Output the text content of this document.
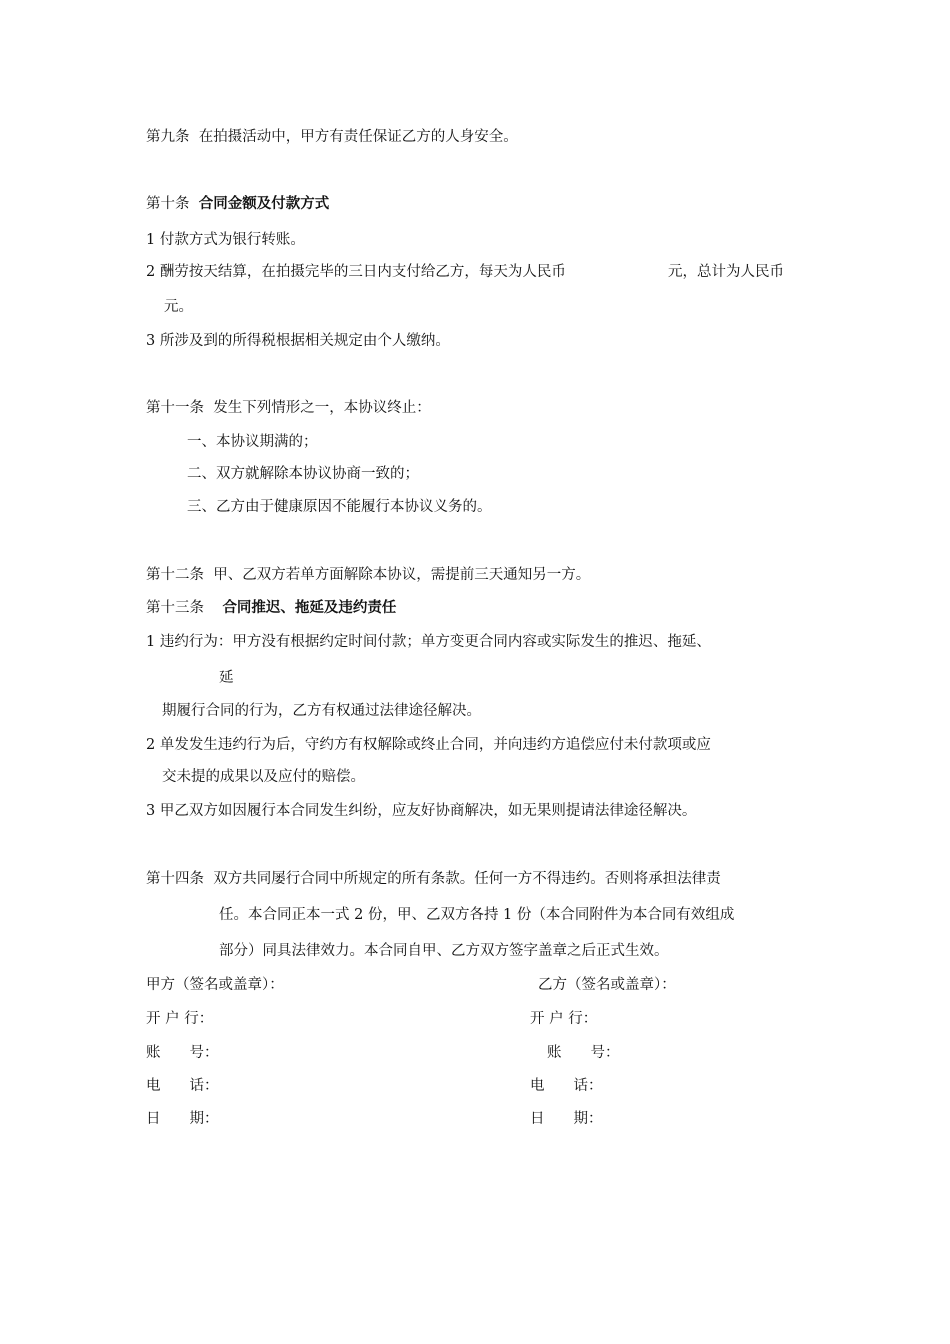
第九条 在拍摄活动中，甲方有责任保证乙方的人身安全。
第十条 合同金额及付款方式
1 付款方式为银行转账。
2 酬劳按天结算，在拍摄完毕的三日内支付给乙方，每天为人民币	元，总计为人民币
元。
3 所涉及到的所得税根据相关规定由个人缴纳。
第十一条 发生下列情形之一，本协议终止：
一、本协议期满的；
二、双方就解除本协议协商一致的；
三、乙方由于健康原因不能履行本协议义务的。
第十二条 甲、乙双方若单方面解除本协议，需提前三天通知另一方。
第十三条 合同推迟、拖延及违约责任
1 违约行为：甲方没有根据约定时间付款；单方变更合同内容或实际发生的推迟、拖延、
延
期履行合同的行为，乙方有权通过法律途径解决。
2 单发发生违约行为后，守约方有权解除或终止合同，并向违约方追偿应付未付款项或应
交未提的成果以及应付的赔偿。
3 甲乙双方如因履行本合同发生纠纷，应友好协商解决，如无果则提请法律途径解决。
第十四条 双方共同屡行合同中所规定的所有条款。任何一方不得违约。否则将承担法律责
任。本合同正本一式 2 份，甲、乙双方各持 1 份（本合同附件为本合同有效组成
部分）同具法律效力。本合同自甲、乙方双方签字盖章之后正式生效。
甲方（签名或盖章）：
开 户 行：
账　　号：
电　　话：
日　　期：
乙方（签名或盖章）：
开 户 行：
账　　号：
电　　话：
日　　期：
